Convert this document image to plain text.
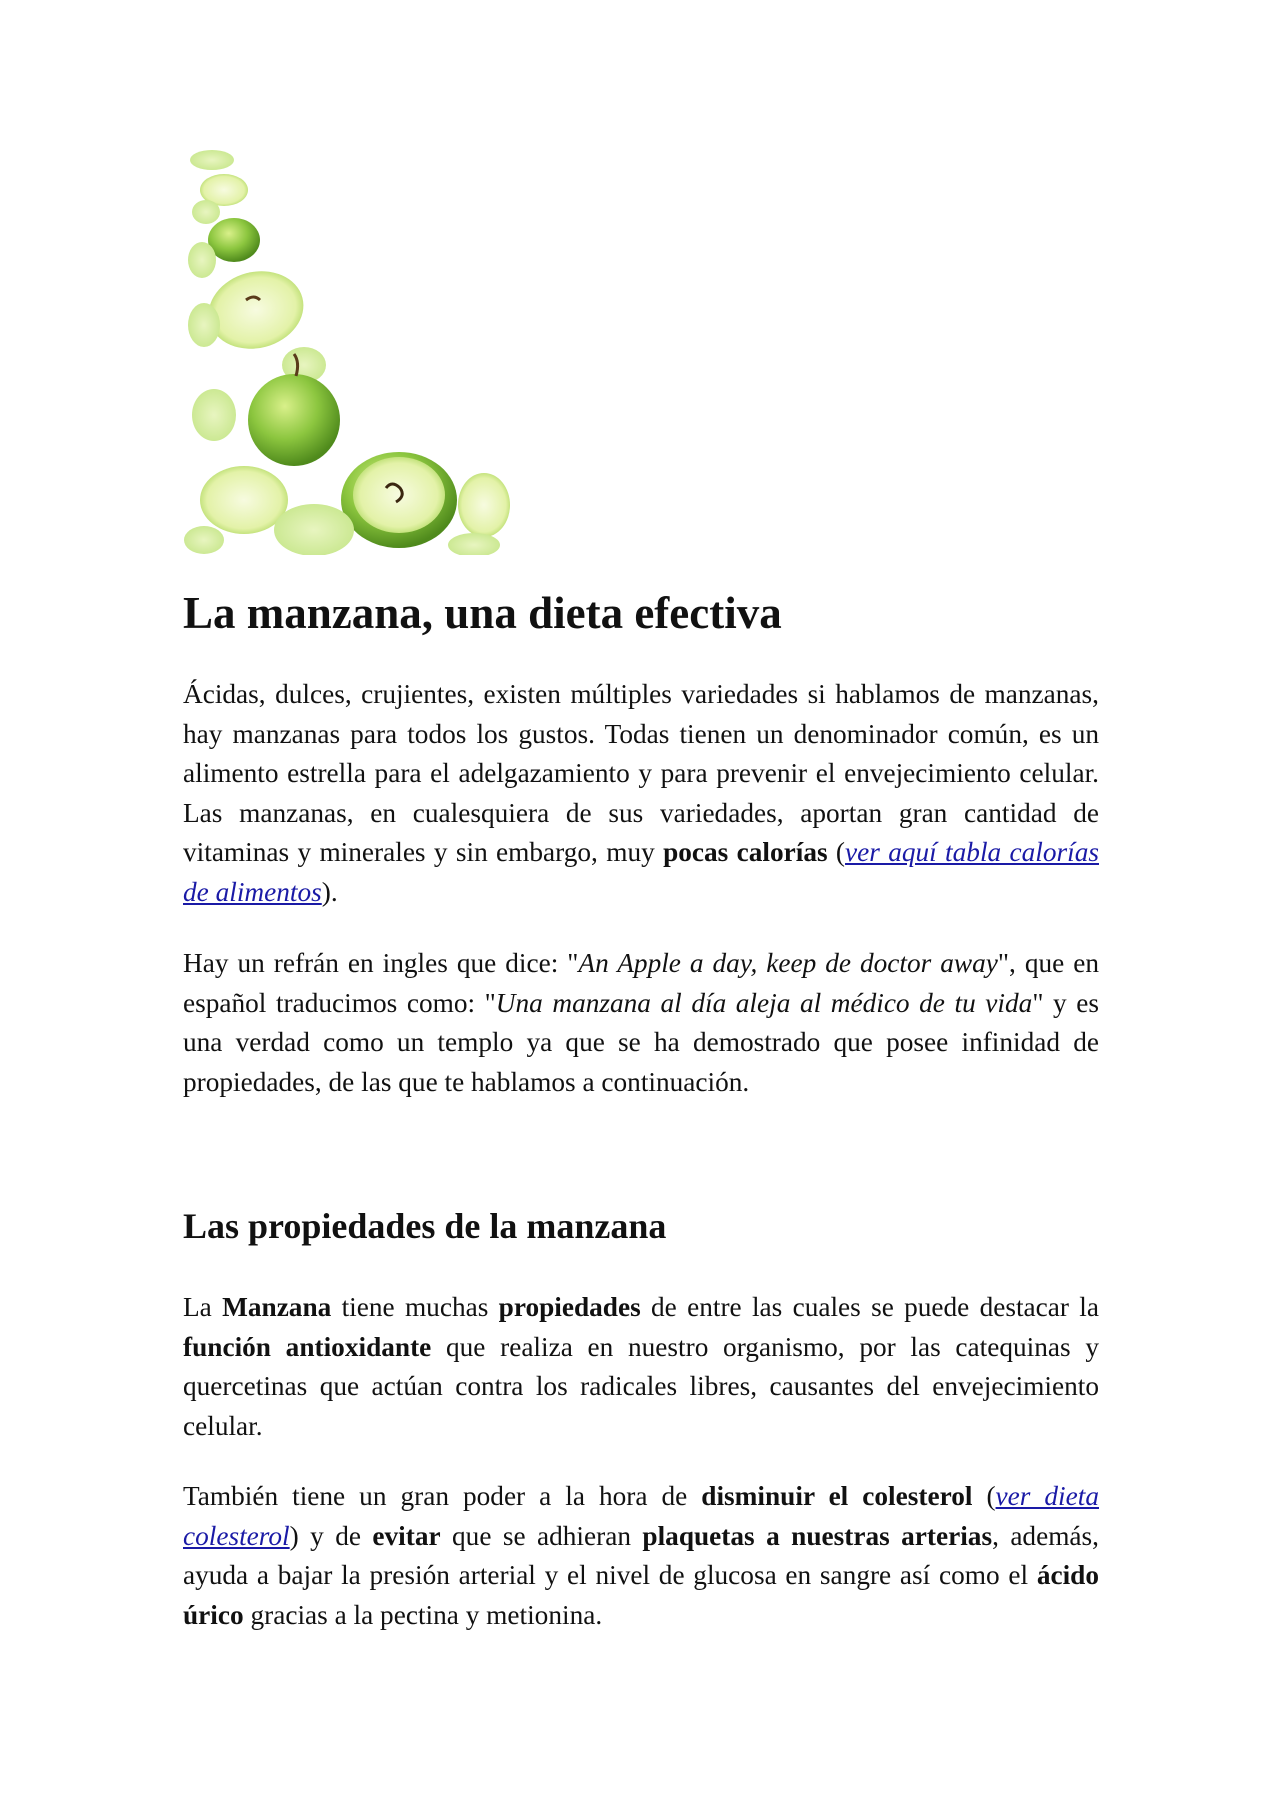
La manzana, una dieta efectiva

Ácidas, dulces, crujientes, existen múltiples variedades si hablamos de manzanas, hay manzanas para todos los gustos. Todas tienen un denominador común, es un alimento estrella para el adelgazamiento y para prevenir el envejecimiento celular. Las manzanas, en cualesquiera de sus variedades, aportan gran cantidad de vitaminas y minerales y sin embargo, muy pocas calorías (ver aquí tabla calorías de alimentos).

Hay un refrán en ingles que dice: "An Apple a day, keep de doctor away", que en español traducimos como: "Una manzana al día aleja al médico de tu vida" y es una verdad como un templo ya que se ha demostrado que posee infinidad de propiedades, de las que te hablamos a continuación.

Las propiedades de la manzana

La Manzana tiene muchas propiedades de entre las cuales se puede destacar la función antioxidante que realiza en nuestro organismo, por las catequinas y quercetinas que actúan contra los radicales libres, causantes del envejecimiento celular.

También tiene un gran poder a la hora de disminuir el colesterol (ver dieta colesterol) y de evitar que se adhieran plaquetas a nuestras arterias, además, ayuda a bajar la presión arterial y el nivel de glucosa en sangre así como el ácido úrico gracias a la pectina y metionina.
